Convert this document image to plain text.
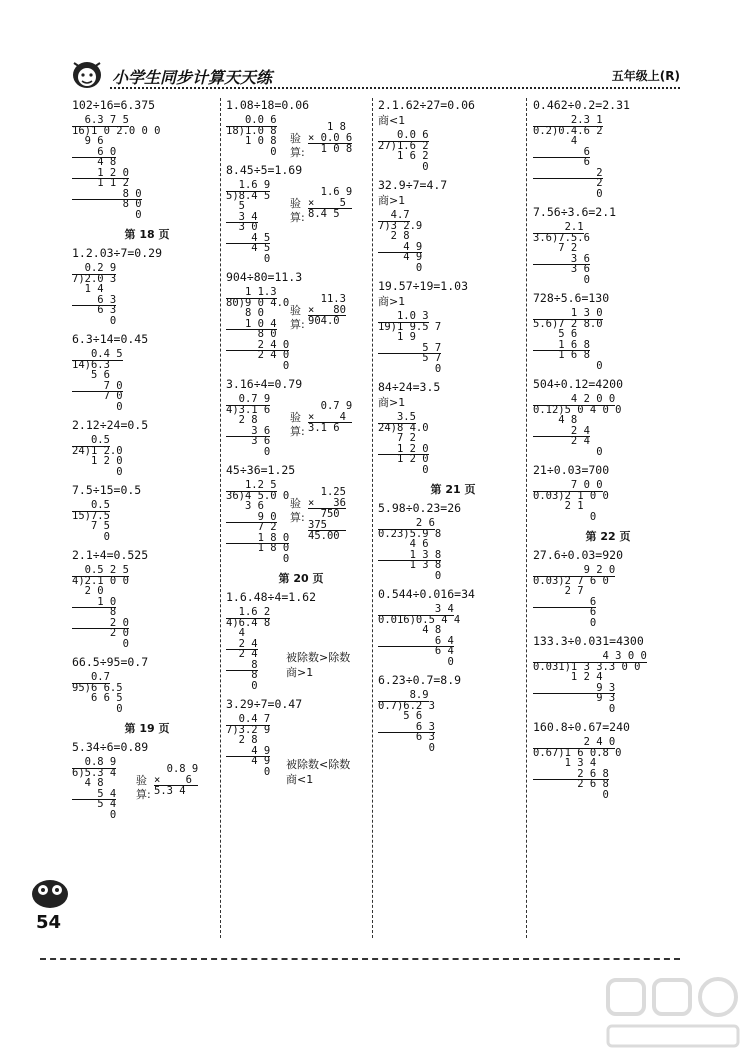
小学生同步计算天天练	五年级上(R)
102÷16=6.375
6.3 7 5
16)1 0 2.0 0 0
9 6
6 0
4 8
1 2 0
1 1 2
8 0
8 0
0
第 18 页
1.2.03÷7=0.29
0.2 9
7)2.0 3
1 4
6 3
6 3
0
6.3÷14=0.45
0.4 5
14)6.3
5 6
7 0
7 0
0
2.12÷24=0.5
0.5
24)1 2.0
1 2 0
0
7.5÷15=0.5
0.5
15)7.5
7 5
0
2.1÷4=0.525
0.5 2 5
4)2.1 0 0
2 0
1 0
8
2 0
2 0
0
66.5÷95=0.7
0.7
95)6 6.5
6 6 5
0
第 19 页
5.34÷6=0.89
0.8 9
6)5.3 4
4 8
5 4
5 4
0
验算:
0.8 9
×    6
5.3 4
1.08÷18=0.06
0.0 6
18)1.0 8
1 0 8
0
验算:
1 8
× 0.0 6
1 0 8
8.45÷5=1.69
1.6 9
5)8.4 5
5
3 4
3 0
4 5
4 5
0
验算:
1.6 9
×    5
8.4 5
904÷80=11.3
1 1.3
80)9 0 4.0
8 0
1 0 4
8 0
2 4 0
2 4 0
0
验算:
11.3
×   80
904.0
3.16÷4=0.79
0.7 9
4)3.1 6
2 8
3 6
3 6
0
验算:
0.7 9
×    4
3.1 6
45÷36=1.25
1.2 5
36)4 5.0 0
3 6
9 0
7 2
1 8 0
1 8 0
0
验算:
1.25
×   36
750
375
45.00
第 20 页
1.6.48÷4=1.62
1.6 2
4)6.4 8
4
2 4
2 4
8
8
0
被除数>除数
商>1
3.29÷7=0.47
0.4 7
7)3.2 9
2 8
4 9
4 9
0
被除数<除数
商<1
2.1.62÷27=0.06
商<1
0.0 6
27)1.6 2
1 6 2
0
32.9÷7=4.7
商>1
4.7
7)3 2.9
2 8
4 9
4 9
0
19.57÷19=1.03
商>1
1.0 3
19)1 9.5 7
1 9
5 7
5 7
0
84÷24=3.5
商>1
3.5
24)8 4.0
7 2
1 2 0
1 2 0
0
第 21 页
5.98÷0.23=26
2 6
0.23)5.9 8
4 6
1 3 8
1 3 8
0
0.544÷0.016=34
3 4
0.016)0.5 4 4
4 8
6 4
6 4
0
6.23÷0.7=8.9
8.9
0.7)6.2 3
5 6
6 3
6 3
0
0.462÷0.2=2.31
2.3 1
0.2)0.4.6 2
4
6
6
2
2
0
7.56÷3.6=2.1
2.1
3.6)7.5.6
7 2
3 6
3 6
0
728÷5.6=130
1 3 0
5.6)7 2 8.0
5 6
1 6 8
1 6 8
0
504÷0.12=4200
4 2 0 0
0.12)5 0 4 0 0
4 8
2 4
2 4
0
21÷0.03=700
7 0 0
0.03)2 1 0 0
2 1
0
第 22 页
27.6÷0.03=920
9 2 0
0.03)2 7 6 0
2 7
6
6
0
133.3÷0.031=4300
4 3 0 0
0.031)1 3 3.3 0 0
1 2 4
9 3
9 3
0
160.8÷0.67=240
2 4 0
0.67)1 6 0.8 0
1 3 4
2 6 8
2 6 8
0
54
